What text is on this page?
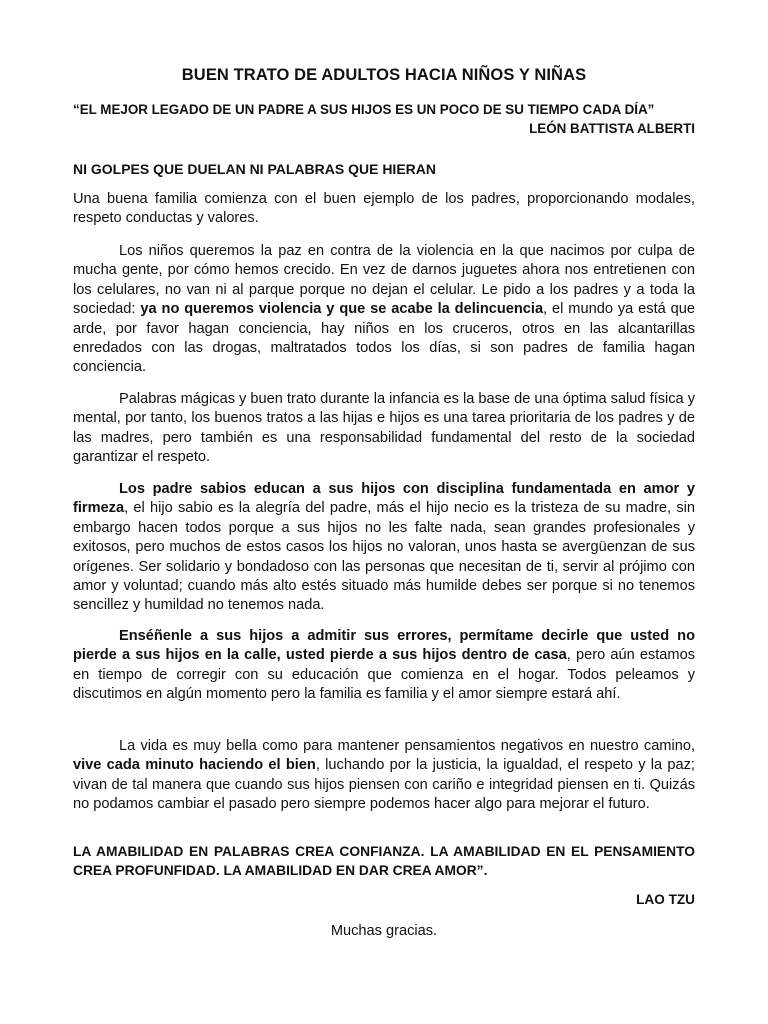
BUEN TRATO DE ADULTOS HACIA NIÑOS Y NIÑAS
“EL MEJOR LEGADO DE UN PADRE A SUS HIJOS ES UN POCO DE SU TIEMPO CADA DÍA”
LEÓN BATTISTA ALBERTI
NI GOLPES QUE DUELAN NI PALABRAS QUE HIERAN

Una buena familia comienza con el buen ejemplo de los padres, proporcionando modales, respeto conductas y valores.

Los niños queremos la paz en contra de la violencia en la que nacimos por culpa de mucha gente, por cómo hemos crecido. En vez de darnos juguetes ahora nos entretienen con los celulares, no van ni al parque porque no dejan el celular. Le pido a los padres y a toda la sociedad: ya no queremos violencia y que se acabe la delincuencia, el mundo ya está que arde, por favor hagan conciencia, hay niños en los cruceros, otros en las alcantarillas enredados con las drogas, maltratados todos los días, si son padres de familia hagan conciencia.

Palabras mágicas y buen trato durante la infancia es la base de una óptima salud física y mental, por tanto, los buenos tratos a las hijas e hijos es una tarea prioritaria de los padres y de las madres, pero también es una responsabilidad fundamental del resto de la sociedad garantizar el respeto.

Los padre sabios educan a sus hijos con disciplina fundamentada en amor y firmeza, el hijo sabio es la alegría del padre, más el hijo necio es la tristeza de su madre, sin embargo hacen todos porque a sus hijos no les falte nada, sean grandes profesionales y exitosos, pero muchos de estos casos los hijos no valoran, unos hasta se avergüenzan de sus orígenes. Ser solidario y bondadoso con las personas que necesitan de ti, servir al prójimo con amor y voluntad; cuando más alto estés situado más humilde debes ser porque si no tenemos sencillez y humildad no tenemos nada.

Enséñenle a sus hijos a admitir sus errores, permítame decirle que usted no pierde a sus hijos en la calle, usted pierde a sus hijos dentro de casa, pero aún estamos en tiempo de corregir con su educación que comienza en el hogar. Todos peleamos y discutimos en algún momento pero la familia es familia y el amor siempre estará ahí.

La vida es muy bella como para mantener pensamientos negativos en nuestro camino, vive cada minuto haciendo el bien, luchando por la justicia, la igualdad, el respeto y la paz; vivan de tal manera que cuando sus hijos piensen con cariño e integridad piensen en ti. Quizás no podamos cambiar el pasado pero siempre podemos hacer algo para mejorar el futuro.

LA AMABILIDAD EN PALABRAS CREA CONFIANZA. LA AMABILIDAD EN EL PENSAMIENTO CREA PROFUNFIDAD. LA AMABILIDAD EN DAR CREA AMOR”.

LAO TZU
Muchas gracias.
